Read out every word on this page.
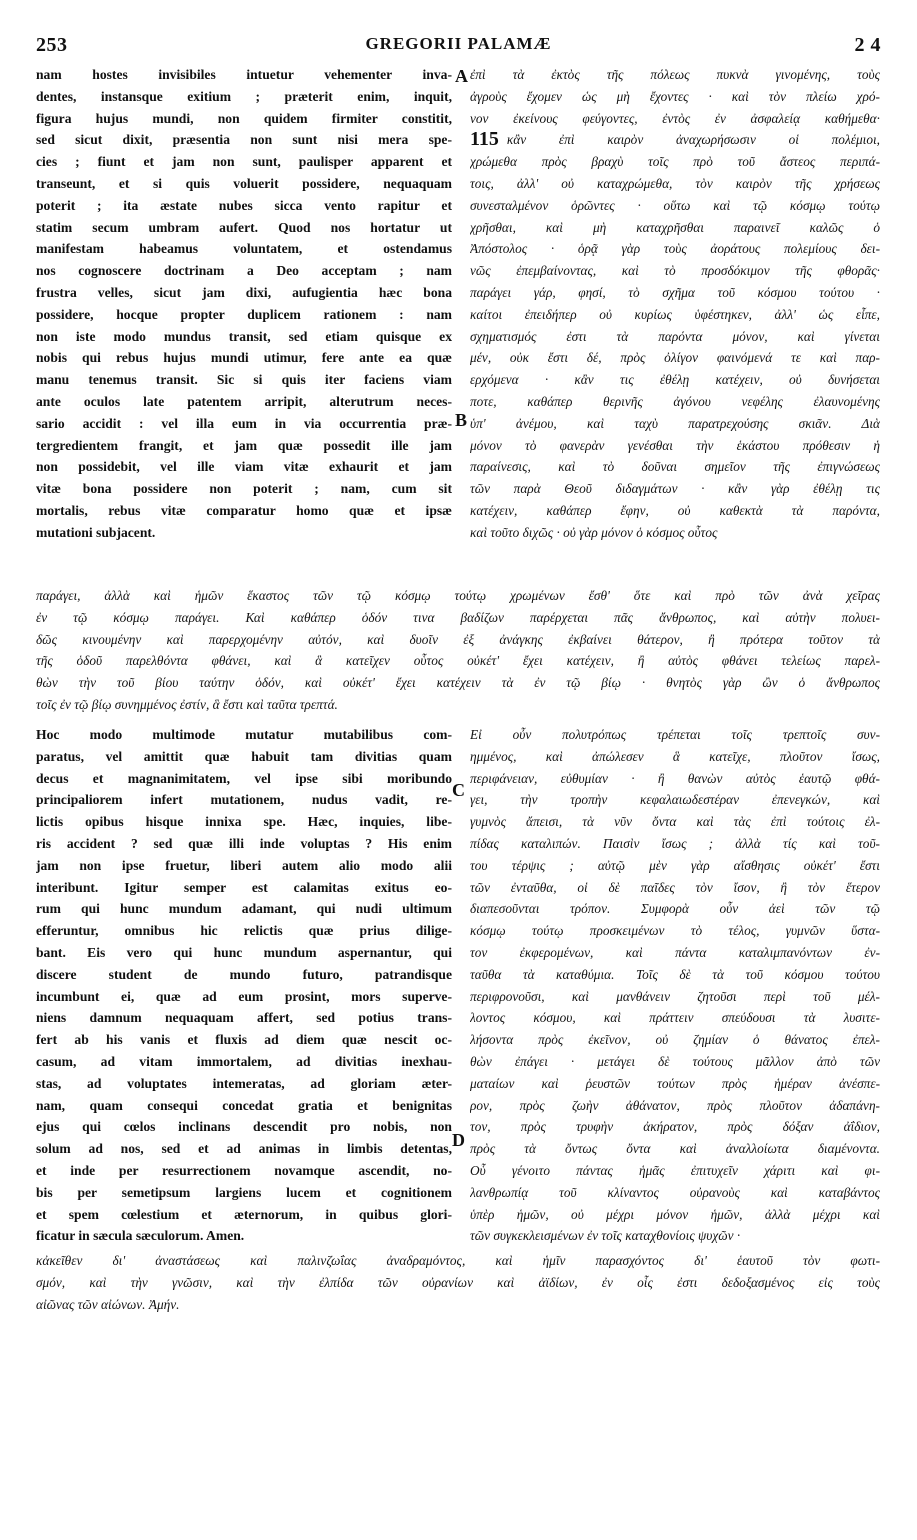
GREGORII PALAMÆ
253	2 4
nam hostes invisibiles intuetur vehementer inva-
dentes, instansque exitium ; præterit enim, inquit,
figura hujus mundi, non quidem firmiter constitit,
sed sicut dixit, præsentia non sunt nisi mera spe-
cies ; fiunt et jam non sunt, paulisper apparent et
transeunt, et si quis voluerit possidere, nequaquam
poterit ; ita æstate nubes sicca vento rapitur et
statim secum umbram aufert. Quod nos hortatur ut
manifestam habeamus voluntatem, et ostendamus
nos cognoscere doctrinam a Deo acceptam ; nam
frustra velles, sicut jam dixi, aufugientia hæc bona
possidere, hocque propter duplicem rationem : nam
non iste modo mundus transit, sed etiam quisque ex
nobis qui rebus hujus mundi utimur, fere ante ea quæ
manu tenemus transit. Sic si quis iter faciens viam
ante oculos late patentem arripit, alterutrum neces-
sario accidit : vel illa eum in via occurrentia præ-
tergredientem frangit, et jam quæ possedit ille jam
non possidebit, vel ille viam vitæ exhaurit et jam
vitæ bona possidere non poterit ; nam, cum sit
mortalis, rebus vitæ comparatur homo quæ et ipsæ
mutationi subjacent.
ἐπὶ τὰ ἐκτὸς τῆς πόλεως πυκνὰ γινομένης, τοὺς
ἀγροὺς ἔχομεν ὡς μὴ ἔχοντες · καὶ τὸν πλείω χρό-
νον ἐκείνους φεύγοντες, ἐντὸς ἐν ἀσφαλείᾳ καθήμεθα·
115 κἂν ἐπὶ καιρὸν ἀναχωρήσωσιν οἱ πολέμιοι,
χρώμεθα πρὸς βραχὺ τοῖς πρὸ τοῦ ἄστεος περιπά-
τοις, ἀλλ' οὐ καταχρώμεθα, τὸν καιρὸν τῆς χρήσεως
συνεσταλμένον ὁρῶντες · οὕτω καὶ τῷ κόσμῳ τούτῳ
χρῆσθαι, καὶ μὴ καταχρῆσθαι παραινεῖ καλῶς ὁ
Ἀπόστολος · ὁρᾷ γὰρ τοὺς ἀοράτους πολεμίους δει-
νῶς ἐπεμβαίνοντας, καὶ τὸ προσδόκιμον τῆς φθορᾶς·
παράγει γάρ, φησί, τὸ σχῆμα τοῦ κόσμου τούτου ·
καίτοι ἐπειδήπερ οὐ κυρίως ὑφέστηκεν, ἀλλ' ὡς εἶπε,
σχηματισμός ἐστι τὰ παρόντα μόνον, καὶ γίνεται
μέν, οὐκ ἔστι δέ, πρὸς ὀλίγον φαινόμενά τε καὶ παρ-
ερχόμενα · κἂν τις ἐθέλῃ κατέχειν, οὐ δυνήσεται
ποτε, καθάπερ θερινῆς ἀγόνου νεφέλης ἐλαυνομένης
ὑπ' ἀνέμου, καὶ ταχὺ παρατρεχούσης σκιᾶν. Διὰ
μόνον τὸ φανερὰν γενέσθαι τὴν ἑκάστου πρόθεσιν ἡ
παραίνεσις, καὶ τὸ δοῦναι σημεῖον τῆς ἐπιγνώσεως
τῶν παρὰ Θεοῦ διδαγμάτων · κἂν γὰρ ἐθέλῃ τις
κατέχειν, καθάπερ ἔφην, οὐ καθεκτὰ τὰ παρόντα,
καὶ τοῦτο διχῶς · οὐ γὰρ μόνον ὁ κόσμος οὗτος
παράγει, ἀλλὰ καὶ ἡμῶν ἕκαστος τῶν τῷ κόσμῳ τούτῳ χρωμένων ἔσθ' ὅτε καὶ πρὸ τῶν ἀνὰ χεῖρας
ἐν τῷ κόσμῳ παράγει. Καὶ καθάπερ ὁδόν τινα βαδίζων παρέρχεται πᾶς ἄνθρωπος, καὶ αὐτὴν πολυει-
δῶς κινουμένην καὶ παρερχομένην αὐτόν, καὶ δυοῖν ἐξ ἀνάγκης ἐκβαίνει θάτερον, ἢ πρότερα τοῦτον τὰ
τῆς ὁδοῦ παρελθόντα φθάνει, καὶ ἃ κατεῖχεν οὗτος οὐκέτ' ἔχει κατέχειν, ἢ αὐτὸς φθάνει τελείως παρελ-
θὼν τὴν τοῦ βίου ταύτην ὁδόν, καὶ οὐκέτ' ἔχει κατέχειν τὰ ἐν τῷ βίῳ · θνητὸς γὰρ ὢν ὁ ἄνθρωπος
τοῖς ἐν τῷ βίῳ συνημμένος ἐστίν, ἃ ἔστι καὶ ταῦτα τρεπτά.
Hoc modo multimode mutatur mutabilibus com-
paratus, vel amittit quæ habuit tam divitias quam
decus et magnanimitatem, vel ipse sibi moribundo
principaliorem infert mutationem, nudus vadit, re-
lictis opibus hisque innixa spe. Hæc, inquies, libe-
ris accident ? sed quæ illi inde voluptas ? His enim
jam non ipse fruetur, liberi autem alio modo alii
interibunt. Igitur semper est calamitas exitus eo-
rum qui hunc mundum adamant, qui nudi ultimum
efferuntur, omnibus hic relictis quæ prius dilige-
bant. Eis vero qui hunc mundum aspernantur, qui
discere student de mundo futuro, patrandisque
incumbunt ei, quæ ad eum prosint, mors superve-
niens damnum nequaquam affert, sed potius trans-
fert ab his vanis et fluxis ad diem quæ nescit oc-
casum, ad vitam immortalem, ad divitias inexhau-
stas, ad voluptates intemeratas, ad gloriam æter-
nam, quam consequi concedat gratia et benignitas
ejus qui cœlos inclinans descendit pro nobis, non
solum ad nos, sed et ad animas in limbis detentas,
et inde per resurrectionem novamque ascendit, no-
bis per semetipsum largiens lucem et cognitionem
et spem cœlestium et æternorum, in quibus glori-
ficatur in sæcula sæculorum. Amen.
Εἰ οὖν πολυτρόπως τρέπεται τοῖς τρεπτοῖς συν-
ημμένος, καὶ ἀπώλεσεν ἃ κατεῖχε, πλοῦτον ἴσως,
περιφάνειαν, εὐθυμίαν · ἢ θανὼν αὐτὸς ἑαυτῷ φθά-
γει, τὴν τροπὴν κεφαλαιωδεστέραν ἐπενεγκών, καὶ
γυμνὸς ἄπεισι, τὰ νῦν ὄντα καὶ τὰς ἐπὶ τούτοις ἐλ-
πίδας καταλιπών. Παισὶν ἴσως ; ἀλλὰ τίς καὶ τοῦ-
του τέρψις ; αὐτῷ μὲν γὰρ αἴσθησις οὐκέτ' ἔστι
τῶν ἐνταῦθα, οἱ δὲ παῖδες τὸν ἴσον, ἢ τὸν ἕτερον
διαπεσοῦνται τρόπον. Συμφορὰ οὖν ἀεὶ τῶν τῷ
κόσμῳ τούτῳ προσκειμένων τὸ τέλος, γυμνῶν ὕστα-
τον ἐκφερομένων, καὶ πάντα καταλιμπανόντων ἐν-
ταῦθα τὰ καταθύμια. Τοῖς δὲ τὰ τοῦ κόσμου τούτου
περιφρονοῦσι, καὶ μανθάνειν ζητοῦσι περὶ τοῦ μέλ-
λοντος κόσμου, καὶ πράττειν σπεύδουσι τὰ λυσιτε-
λήσοντα πρὸς ἐκεῖνον, οὐ ζημίαν ὁ θάνατος ἐπελ-
θὼν ἐπάγει · μετάγει δὲ τούτους μᾶλλον ἀπὸ τῶν
ματαίων καὶ ῥευστῶν τούτων πρὸς ἡμέραν ἀνέσπε-
ρον, πρὸς ζωὴν ἀθάνατον, πρὸς πλοῦτον ἀδαπάνη-
τον, πρὸς τρυφὴν ἀκήρατον, πρὸς δόξαν ἀΐδιον,
πρὸς τὰ ὄντως ὄντα καὶ ἀναλλοίωτα διαμένοντα.
Οὗ γένοιτο πάντας ἡμᾶς ἐπιτυχεῖν χάριτι καὶ φι-
λανθρωπίᾳ τοῦ κλίναντος οὐρανοὺς καὶ καταβάντος
ὑπὲρ ἡμῶν, οὐ μέχρι μόνον ἡμῶν, ἀλλὰ μέχρι καὶ
τῶν συγκεκλεισμένων ἐν τοῖς καταχθονίοις ψυχῶν ·
κἀκεῖθεν δι' ἀναστάσεως καὶ παλινζωΐας ἀναδραμόντος, καὶ ἡμῖν παρασχόντος δι' ἑαυτοῦ τὸν φωτι-
σμόν, καὶ τὴν γνῶσιν, καὶ τὴν ἐλπίδα τῶν οὐρανίων καὶ ἀϊδίων, ἐν οἷς ἐστι δεδοξασμένος εἰς τοὺς
αἰῶνας τῶν αἰώνων. Ἀμήν.
A
B
C
D
